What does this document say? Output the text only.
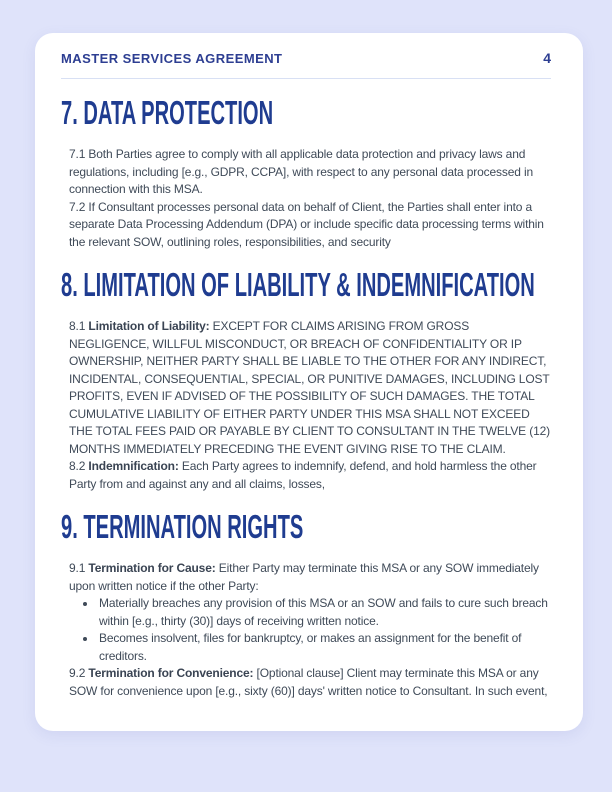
MASTER SERVICES AGREEMENT	4
7. DATA PROTECTION

7.1 Both Parties agree to comply with all applicable data protection and privacy laws and regulations, including [e.g., GDPR, CCPA], with respect to any personal data processed in connection with this MSA.

7.2 If Consultant processes personal data on behalf of Client, the Parties shall enter into a separate Data Processing Addendum (DPA) or include specific data processing terms within the relevant SOW, outlining roles, responsibilities, and security

8. LIMITATION OF LIABILITY & INDEMNIFICATION

8.1 Limitation of Liability: EXCEPT FOR CLAIMS ARISING FROM GROSS NEGLIGENCE, WILLFUL MISCONDUCT, OR BREACH OF CONFIDENTIALITY OR IP OWNERSHIP, NEITHER PARTY SHALL BE LIABLE TO THE OTHER FOR ANY INDIRECT, INCIDENTAL, CONSEQUENTIAL, SPECIAL, OR PUNITIVE DAMAGES, INCLUDING LOST PROFITS, EVEN IF ADVISED OF THE POSSIBILITY OF SUCH DAMAGES. THE TOTAL CUMULATIVE LIABILITY OF EITHER PARTY UNDER THIS MSA SHALL NOT EXCEED THE TOTAL FEES PAID OR PAYABLE BY CLIENT TO CONSULTANT IN THE TWELVE (12) MONTHS IMMEDIATELY PRECEDING THE EVENT GIVING RISE TO THE CLAIM.

8.2 Indemnification: Each Party agrees to indemnify, defend, and hold harmless the other Party from and against any and all claims, losses,

9. TERMINATION RIGHTS

9.1 Termination for Cause: Either Party may terminate this MSA or any SOW immediately upon written notice if the other Party:

• Materially breaches any provision of this MSA or an SOW and fails to cure such breach within [e.g., thirty (30)] days of receiving written notice.
• Becomes insolvent, files for bankruptcy, or makes an assignment for the benefit of creditors.

9.2 Termination for Convenience: [Optional clause] Client may terminate this MSA or any SOW for convenience upon [e.g., sixty (60)] days' written notice to Consultant. In such event,
